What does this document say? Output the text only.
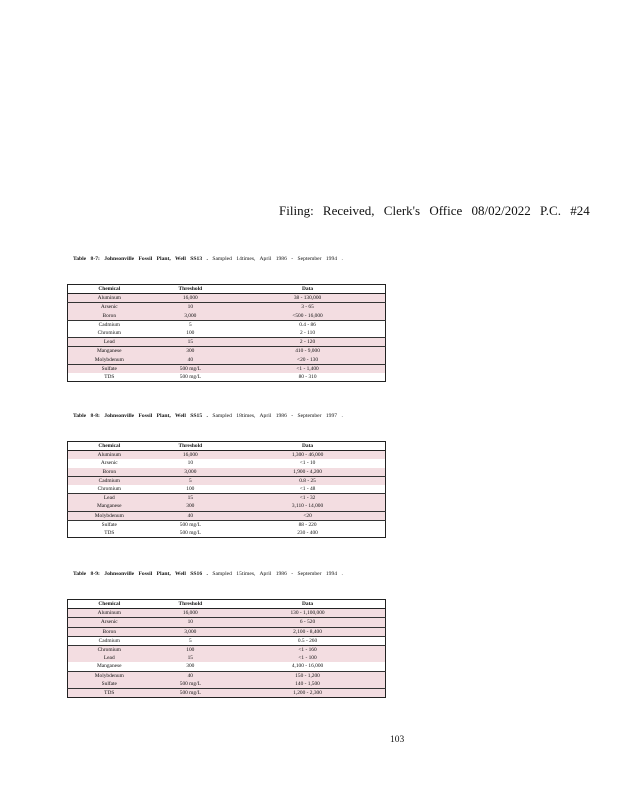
Filing: Received, Clerk's Office 08/02/2022 P.C. #24
Table 8-7: Johnsonville Fossil Plant, Well SS13 . Sampled 14times, April 1986 - September 1994 .
Chemical	Threshold	Data
Aluminum	16,000	38 - 130,000
Arsenic	10	3 - 65
Boron	3,000	<500 - 16,000
Cadmium	5	0.4 - 86
Chromium	100	2 - 110
Lead	15	2 - 120
Manganese	300	410 - 9,000
Molybdenum	40	<20 - 130
Sulfate	500 mg/L	<1 - 1,400
TDS	500 mg/L	80 - 310
Table 8-8: Johnsonville Fossil Plant, Well SS15 . Sampled 18times, April 1986 - September 1997 .
Chemical	Threshold	Data
Aluminum	16,000	1,300 - 46,000
Arsenic	10	<1 - 10
Boron	3,000	1,900 - 4,200
Cadmium	5	0.8 - 25
Chromium	100	<1 - 48
Lead	15	<1 - 32
Manganese	300	3,110 - 14,000
Molybdenum	40	<20
Sulfate	500 mg/L	88 - 220
TDS	500 mg/L	230 - 400
Table 8-9: Johnsonville Fossil Plant, Well SS16 . Sampled 15times, April 1986 - September 1994 .
Chemical	Threshold	Data
Aluminum	16,000	130 - 1,100,000
Arsenic	10	6 - 520
Boron	3,000	2,100 - 8,400
Cadmium	5	0.5 - 260
Chromium	100	<1 - 160
Lead	15	<1 - 100
Manganese	300	4,100 - 16,000
Molybdenum	40	150 - 1,200
Sulfate	500 mg/L	140 - 1,500
TDS	500 mg/L	1,200 - 2,300
103
